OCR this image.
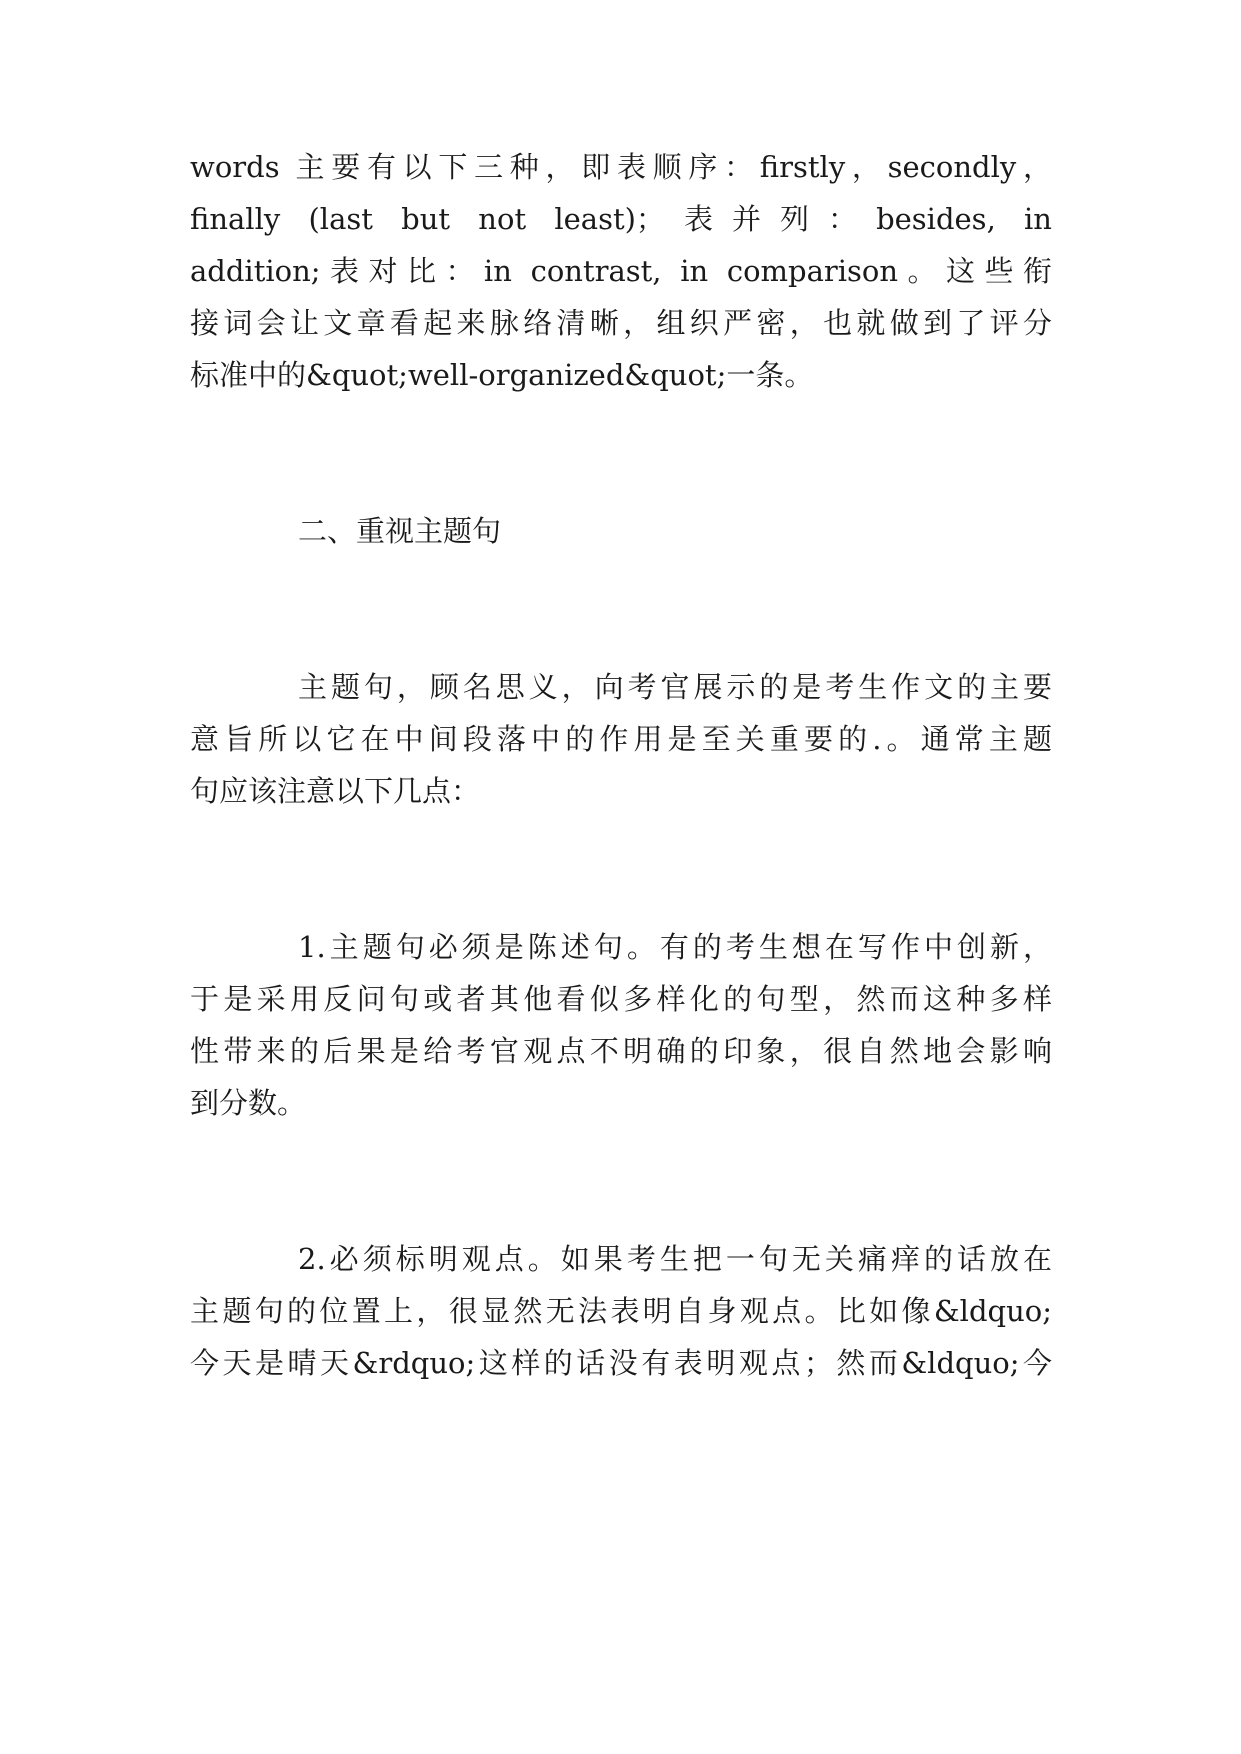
words 主要有以下三种，即表顺序：firstly，secondly，
finally (last but not least)；表并列：besides, in
addition;表对比：in contrast, in comparison。这些衔
接词会让文章看起来脉络清晰，组织严密，也就做到了评分
标准中的&quot;well-organized&quot;一条。
二、重视主题句
主题句，顾名思义，向考官展示的是考生作文的主要
意旨所以它在中间段落中的作用是至关重要的.。通常主题
句应该注意以下几点：
1.主题句必须是陈述句。有的考生想在写作中创新，
于是采用反问句或者其他看似多样化的句型，然而这种多样
性带来的后果是给考官观点不明确的印象，很自然地会影响
到分数。
2.必须标明观点。如果考生把一句无关痛痒的话放在
主题句的位置上，很显然无法表明自身观点。比如像&ldquo;
今天是晴天&rdquo;这样的话没有表明观点；然而&ldquo;今
